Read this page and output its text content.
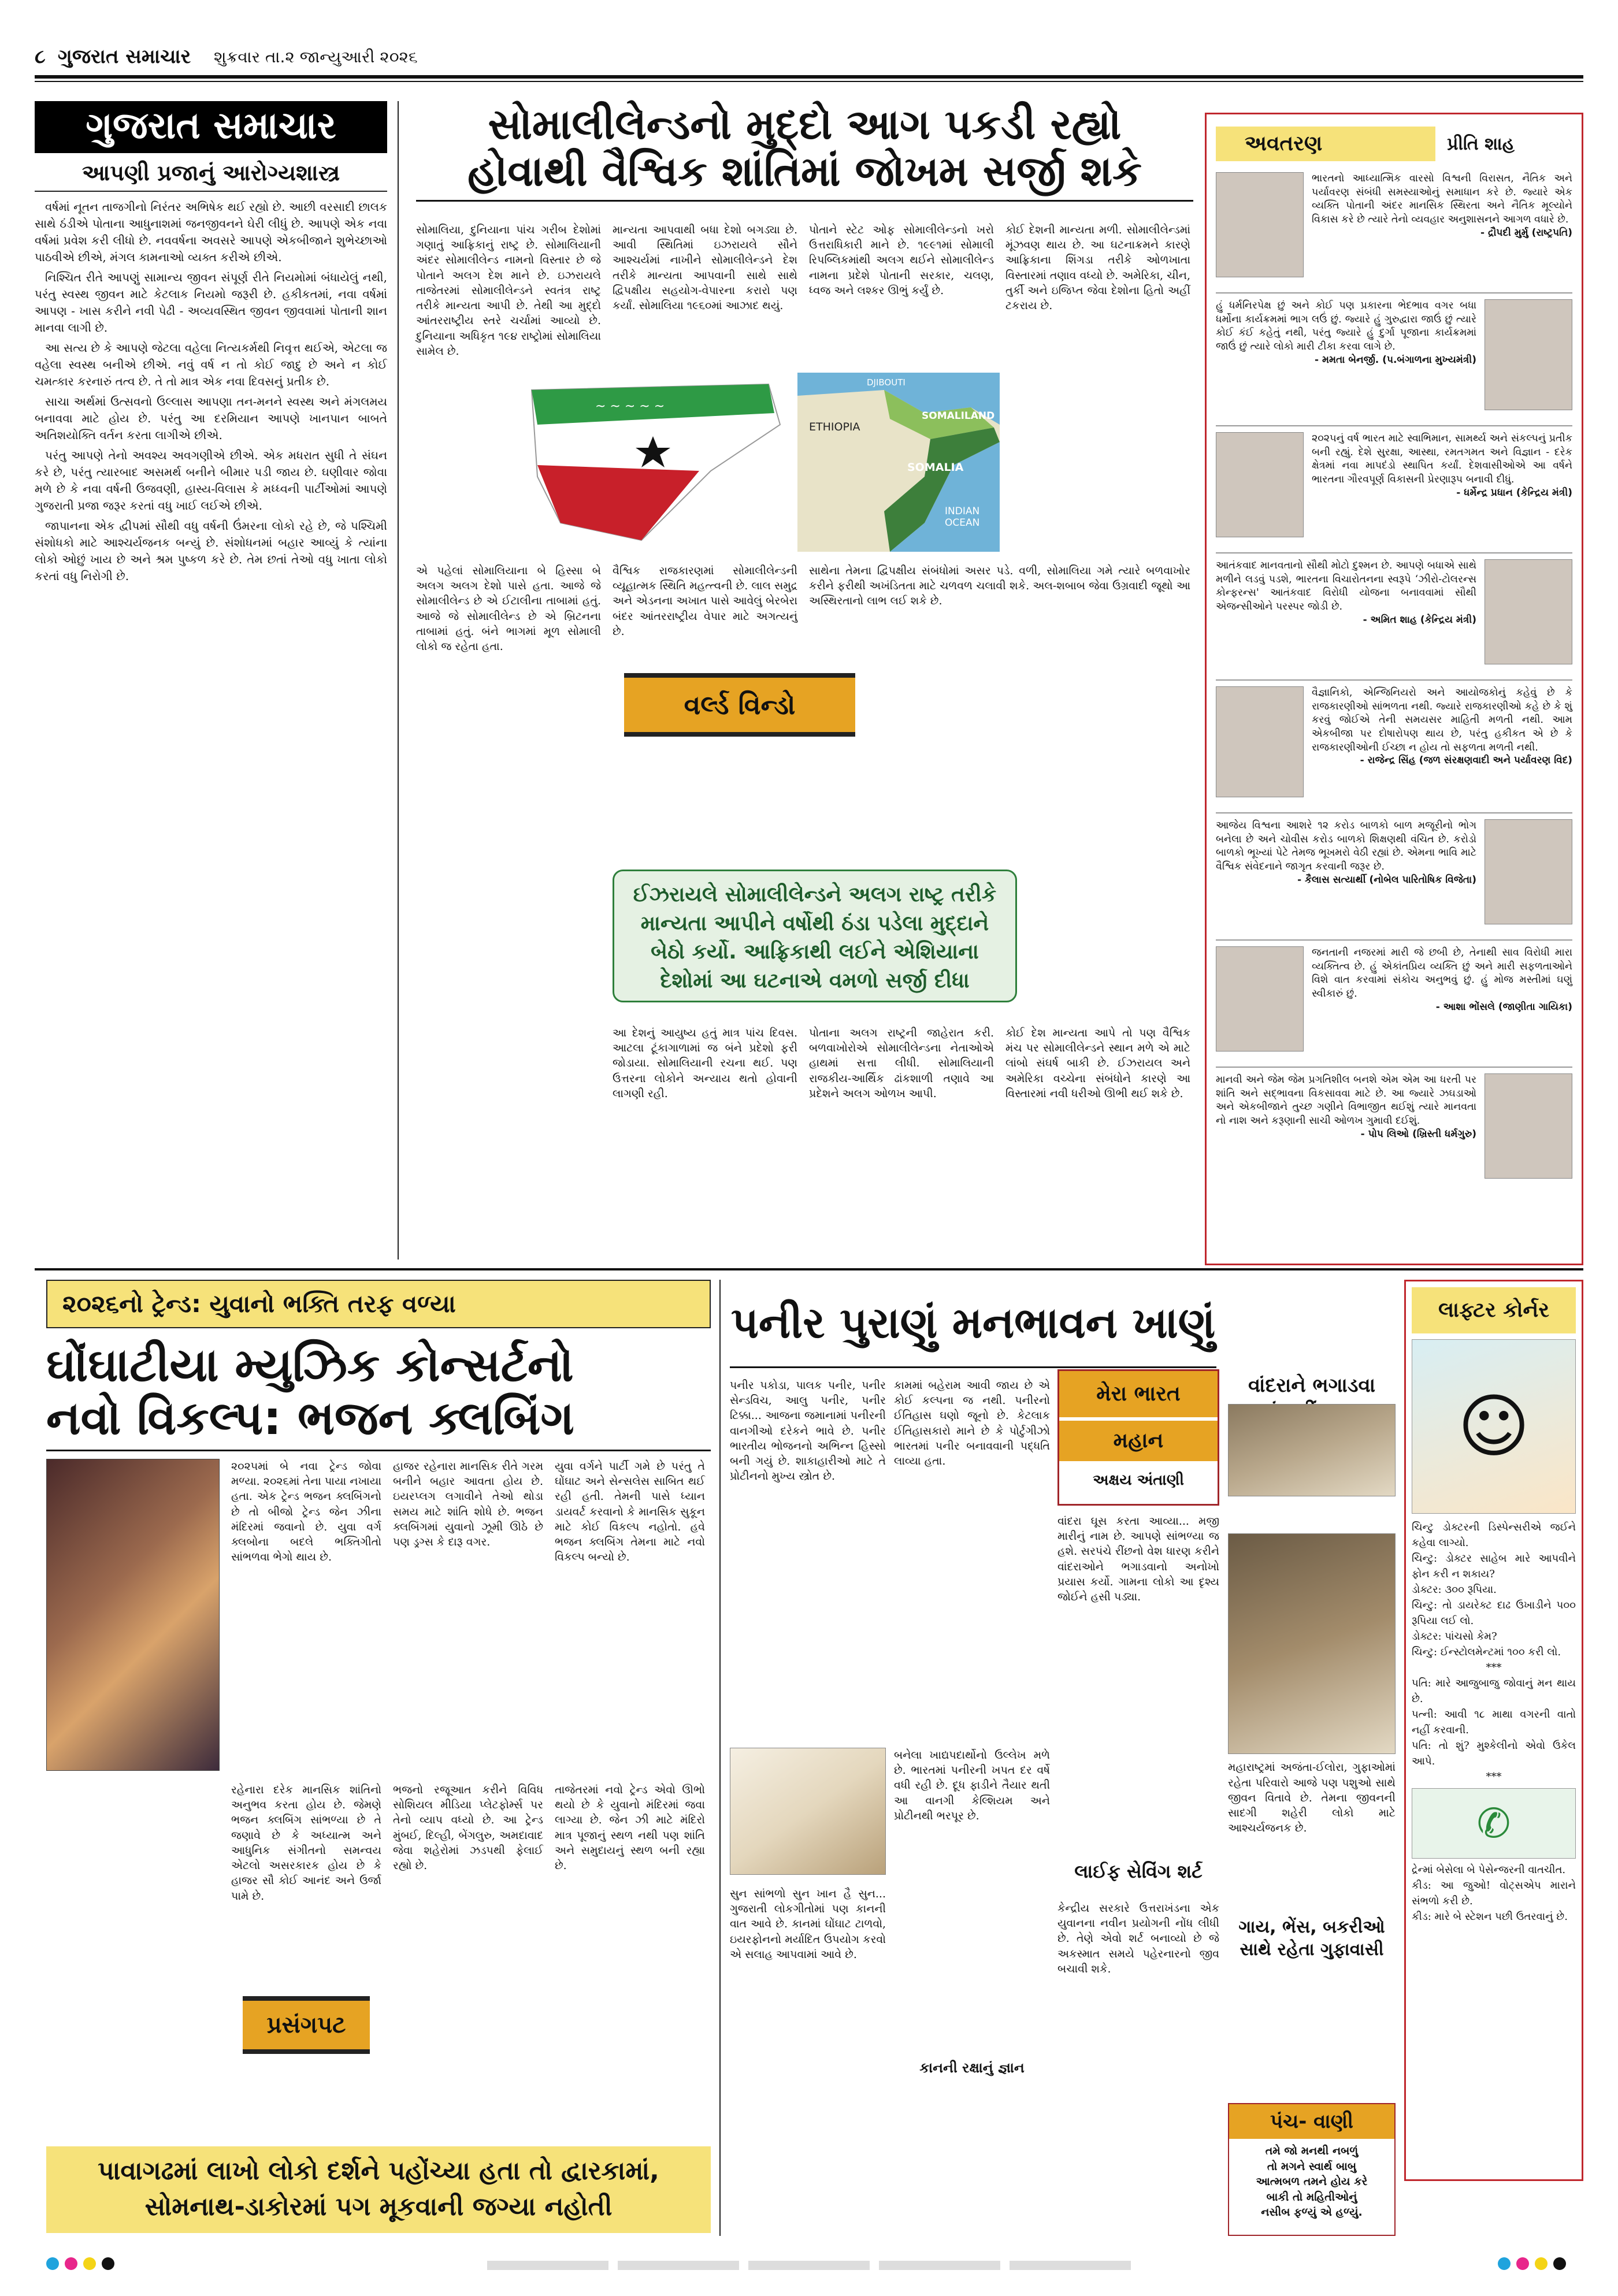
૮ ગુજરાત સમાચાર શુક્રવાર તા.૨ જાન્યુઆરી ૨૦૨૬
ગુજરાત સમાચાર
આપણી પ્રજાનું આરોગ્યશાસ્ત્ર

વર્ષમાં નૂતન તાજગીનો નિરંતર અભિષેક થઈ રહ્યો છે. આછી વરસાદી છાલક સાથે ઠંડીએ પોતાના આધુનાશમાં જનજીવનને ઘેરી લીધું છે. આપણે એક નવા વર્ષમાં પ્રવેશ કરી લીધો છે. નવવર્ષના અવસરે આપણે એકબીજાને શુભેચ્છાઓ પાઠવીએ છીએ, મંગલ કામનાઓ વ્યક્ત કરીએ છીએ.

નિશ્ચિત રીતે આપણું સામાન્ય જીવન સંપૂર્ણ રીતે નિયમોમાં બંધાયેલું નથી, પરંતુ સ્વસ્થ જીવન માટે કેટલાક નિયમો જરૂરી છે. હકીકતમાં, નવા વર્ષમાં આપણ - ખાસ કરીને નવી પેઢી - અવ્યવસ્થિત જીવન જીવવામાં પોતાની શાન માનવા લાગી છે.

આ સત્ય છે કે આપણે જેટલા વહેલા નિત્યકર્મથી નિવૃત્ત થઈએ, એટલા જ વહેલા સ્વસ્થ બનીએ છીએ. નવું વર્ષ ન તો કોઈ જાદુ છે અને ન કોઈ ચમત્કાર કરનારું તત્વ છે. તે તો માત્ર એક નવા દિવસનું પ્રતીક છે.

સાચા અર્થમાં ઉત્સવનો ઉલ્લાસ આપણા તન-મનને સ્વસ્થ અને મંગલમય બનાવવા માટે હોય છે. પરંતુ આ દરમિયાન આપણે ખાનપાન બાબતે અતિશયોક્તિ વર્તન કરતા લાગીએ છીએ.

પરંતુ આપણે તેનો અવશ્ય અવગણીએ છીએ. એક મધરાત સુધી તે સંઘન કરે છે, પરંતુ ત્યારબાદ અસમર્થ બનીને બીમાર પડી જાય છે. ઘણીવાર જોવા મળે છે કે નવા વર્ષની ઉજવણી, હાસ્ય-વિલાસ કે મધ્ધ્વની પાર્ટીઓમાં આપણે ગુજરાતી પ્રજા જરૂર કરતાં વધુ ખાઈ લઈએ છીએ.

જાપાનના એક દ્વીપમાં સૌથી વધુ વર્ષની ઉંમરના લોકો રહે છે, જે પશ્ચિમી સંશોધકો માટે આશ્ચર્યજનક બન્યું છે. સંશોધનમાં બહાર આવ્યું કે ત્યાંના લોકો ઓછું ખાય છે અને શ્રમ પુષ્કળ કરે છે. તેમ છતાં તેઓ વધુ ખાતા લોકો કરતાં વધુ નિરોગી છે.

સોમાલીલેન્ડનો મુદ્દો આગ પકડી રહ્યો
હોવાથી વૈશ્વિક શાંતિમાં જોખમ સર્જી શકે
સોમાલિયા, દુનિયાના પાંચ ગરીબ દેશોમાં ગણાતું આફ્રિકાનું રાષ્ટ્ર છે. સોમાલિયાની અંદર સોમાલીલેન્ડ નામનો વિસ્તાર છે જે પોતાને અલગ દેશ માને છે. ઇઝરાયલે તાજેતરમાં સોમાલીલેન્ડને સ્વતંત્ર રાષ્ટ્ર તરીકે માન્યતા આપી છે. તેથી આ મુદ્દો આંતરરાષ્ટ્રીય સ્તરે ચર્ચામાં આવ્યો છે. દુનિયાના અધિકૃત ૧૯૪ રાષ્ટ્રોમાં સોમાલિયા સામેલ છે.
માન્યતા આપવાથી બધા દેશો બગડ્યા છે. આવી સ્થિતિમાં ઇઝરાયલે સૌને આશ્ચર્યમાં નાખીને સોમાલીલેન્ડને દેશ તરીકે માન્યતા આપવાની સાથે સાથે દ્વિપક્ષીય સહયોગ-વેપારના કરારો પણ કર્યાં. સોમાલિયા ૧૯૬૦માં આઝાદ થયું.
પોતાને સ્ટેટ ઓફ સોમાલીલેન્ડનો ખરો ઉત્તરાધિકારી માને છે. ૧૯૯૧માં સોમાલી રિપબ્લિકમાંથી અલગ થઈને સોમાલીલેન્ડ નામના પ્રદેશે પોતાની સરકાર, ચલણ, ધ્વજ અને લશ્કર ઊભું કર્યું છે.
કોઈ દેશની માન્યતા મળી. સોમાલીલેન્ડમાં મૂંઝવણ થાય છે. આ ઘટનાક્રમને કારણે આફ્રિકાના શિંગડા તરીકે ઓળખાતા વિસ્તારમાં તણાવ વધ્યો છે. અમેરિકા, ચીન, તુર્કી અને ઇજિપ્ત જેવા દેશોના હિતો અહીં ટકરાય છે.
~ ~ ~ ~ ~
DJIBOUTI
SOMALILAND
ETHIOPIA
SOMALIA
INDIAN
OCEAN
એ પહેલાં સોમાલિયાના બે હિસ્સા બે અલગ અલગ દેશો પાસે હતા. આજે જે સોમાલીલેન્ડ છે એ ઈટાલીના તાબામાં હતું. આજે જે સોમાલીલેન્ડ છે એ બ્રિટનના તાબામાં હતું. બંને ભાગમાં મૂળ સોમાલી લોકો જ રહેતા હતા.
વૈશ્વિક રાજકારણમાં સોમાલીલેન્ડની વ્યૂહાત્મક સ્થિતિ મહત્ત્વની છે. લાલ સમુદ્ર અને એડનના અખાત પાસે આવેલું બેરબેરા બંદર આંતરરાષ્ટ્રીય વેપાર માટે અગત્યનું છે.
સાથેના તેમના દ્વિપક્ષીય સંબંધોમાં અસર પડે. વળી, સોમાલિયા ગમે ત્યારે બળવાખોર કરીને ફરીથી અખંડિતતા માટે ચળવળ ચલાવી શકે. અલ-શબાબ જેવા ઉગ્રવાદી જૂથો આ અસ્થિરતાનો લાભ લઈ શકે છે.
વર્લ્ડ વિન્ડો
ઈઝરાયલે સોમાલીલેન્ડને અલગ રાષ્ટ્ર તરીકે માન્યતા આપીને વર્ષોથી ઠંડા પડેલા મુદ્દાને બેઠો કર્યો. આફ્રિકાથી લઈને એશિયાના દેશોમાં આ ઘટનાએ વમળો સર્જી દીધા
આ દેશનું આયુષ્ય હતું માત્ર પાંચ દિવસ. આટલા ટૂંકાગાળામાં જ બંને પ્રદેશો ફરી જોડાયા. સોમાલિયાની રચના થઈ. પણ ઉત્તરના લોકોને અન્યાય થતો હોવાની લાગણી રહી.
પોતાના અલગ રાષ્ટ્રની જાહેરાત કરી. બળવાખોરોએ સોમાલીલેન્ડના નેતાઓએ હાથમાં સત્તા લીધી. સોમાલિયાની રાજકીય-આર્થિક ઢાંકશાળી તણાવે આ પ્રદેશને અલગ ઓળખ આપી.
કોઈ દેશ માન્યતા આપે તો પણ વૈશ્વિક મંચ પર સોમાલીલેન્ડને સ્થાન મળે એ માટે લાંબો સંઘર્ષ બાકી છે. ઈઝરાયલ અને અમેરિકા વચ્ચેના સંબંધોને કારણે આ વિસ્તારમાં નવી ધરીઓ ઊભી થઈ શકે છે.
અવતરણ	પ્રીતિ શાહ
ભારતનો આધ્યાત્મિક વારસો વિશ્વની વિરાસત, નૈતિક અને પર્યાવરણ સંબંધી સમસ્યાઓનું સમાધાન કરે છે. જ્યારે એક વ્યક્તિ પોતાની અંદર માનસિક સ્થિરતા અને નૈતિક મૂલ્યોને વિકાસ કરે છે ત્યારે તેનો વ્યવહાર અનુશાસનને આગળ વધારે છે.
- દ્રૌપદી મુર્મુ (રાષ્ટ્રપતિ)
હું ધર્મનિરપેક્ષ છું અને કોઈ પણ પ્રકારના ભેદભાવ વગર બધા ધર્મોના કાર્યક્રમમાં ભાગ લઉં છું. જ્યારે હું ગુરુદ્વારા જાઉં છું ત્યારે કોઈ કંઈ કહેતું નથી, પરંતુ જ્યારે હું દુર્ગા પૂજાના કાર્યક્રમમાં જાઉં છું ત્યારે લોકો મારી ટીકા કરવા લાગે છે.
- મમતા બેનર્જી. (પ.બંગાળના મુખ્યમંત્રી)
૨૦૨૫નું વર્ષ ભારત માટે સ્વાભિમાન, સામર્થ્ય અને સંકલ્પનું પ્રતીક બની રહ્યું. દેશે સુરક્ષા, આસ્થા, રમતગમત અને વિજ્ઞાન - દરેક ક્ષેત્રમાં નવા માપદંડો સ્થાપિત કર્યાં. દેશવાસીઓએ આ વર્ષને ભારતના ગૌરવપૂર્ણ વિકાસની પ્રેરણારૂપ બનાવી દીધું.
- ધર્મેન્દ્ર પ્રધાન (કેન્દ્રિય મંત્રી)
આતંકવાદ માનવતાનો સૌથી મોટો દુશ્મન છે. આપણે બધાએ સાથે મળીને લડવું પડશે, ભારતના વિચારોતનના સ્વરૂપે ‘ઝીરો-ટોલરન્સ કોન્ફરન્સ' આતંકવાદ વિરોધી યોજના બનાવવામાં સૌથી એજન્સીઓને પરસ્પર જોડી છે.
- અમિત શાહ (કેન્દ્રિય મંત્રી)
વૈજ્ઞાનિકો, એન્જિનિયરો અને આયોજકોનું કહેવું છે કે રાજકારણીઓ સાંભળતા નથી. જ્યારે રાજકારણીઓ કહે છે કે શું કરવું જોઈએ તેની સમયસર માહિતી મળતી નથી. આમ એકબીજા પર દોષારોપણ થાય છે, પરંતુ હકીકત એ છે કે રાજકારણીઓની ઈચ્છા ન હોય તો સફળતા મળતી નથી.
- રાજેન્દ્ર સિંહ (જળ સંરક્ષણવાદી અને પર્યાવરણ વિદ)
આજેય વિશ્વના આશરે ૧૨ કરોડ બાળકો બાળ મજૂરીનો ભોગ બનેલા છે અને ચોવીસ કરોડ બાળકો શિક્ષણથી વંચિત છે. કરોડો બાળકો ભૂખ્યાં પેટે તેમજ ભૂખમરો વેઠી રહ્યાં છે. એમના ભાવિ માટે વૈશ્વિક સંવેદનાને જાગૃત કરવાની જરૂર છે.
- કૈલાસ સત્યાર્થી (નોબેલ પારિતોષિક વિજેતા)
જનતાની નજરમાં મારી જે છબી છે, તેનાથી સાવ વિરોધી મારા વ્યક્તિત્વ છે. હું એકાંતપ્રિય વ્યક્તિ છું અને મારી સફળતાઓને વિશે વાત કરવામાં સંકોચ અનુભવું છું. હું મોજ મસ્તીમાં ઘણું સ્વીકારું છું.
- આશા ભોંસલે (જાણીતા ગાયિકા)
માનવી અને જેમ જેમ પ્રગતિશીલ બનશે એમ એમ આ ધરતી પર શાંતિ અને સદ્ભાવના વિકસાવવા માટે છે. આ જ્યારે ઝઘડાઓ અને એકબીજાને તુચ્છ ગણીને વિભાજીત થઈશું ત્યારે માનવતા નો નાશ અને કરૂણાની સાચી ઓળખ ગુમાવી દઈશું.
- પોપ લિઓ (ખ્રિસ્તી ધર્મગુરુ)
૨૦૨૬નો ટ્રેન્ડ: યુવાનો ભક્તિ તરફ વળ્યા
ઘોંઘાટીયા મ્યુઝિક કોન્સર્ટનો
નવો વિકલ્પ: ભજન ક્લબિંગ
૨૦૨૫માં બે નવા ટ્રેન્ડ જોવા મળ્યા. ૨૦૨૬માં તેના પાયા નખાયા હતા. એક ટ્રેન્ડ ભજન ક્લબિંગનો છે તો બીજો ટ્રેન્ડ જેન ઝીના મંદિરમાં જવાનો છે. યુવા વર્ગ ક્લબોના બદલે ભક્તિગીતો સાંભળવા ભેગો થાય છે.
હાજર રહેનારા માનસિક રીતે ગરમ બનીને બહાર આવતા હોય છે. ઇયરપ્લગ લગાવીને તેઓ થોડા સમય માટે શાંતિ શોધે છે. ભજન ક્લબિંગમાં યુવાનો ઝૂમી ઊઠે છે પણ ડ્રગ્સ કે દારૂ વગર.
યુવા વર્ગને પાર્ટી ગમે છે પરંતુ તે ઘોંઘાટ અને સેન્સલેસ સાબિત થઈ રહી હતી. તેમની પાસે ધ્યાન ડાયવર્ટ કરવાનો કે માનસિક સુકૂન માટે કોઈ વિકલ્પ નહોતો. હવે ભજન ક્લબિંગ તેમના માટે નવો વિકલ્પ બન્યો છે.
રહેનારા દરેક માનસિક શાંતિનો અનુભવ કરતા હોય છે. જેમણે ભજન ક્લબિંગ સાંભળ્યા છે તે જણાવે છે કે અધ્યાત્મ અને આધુનિક સંગીતનો સમન્વય એટલો અસરકારક હોય છે કે હાજર સૌ કોઈ આનંદ અને ઉર્જા પામે છે.
ભજનો રજૂઆત કરીને વિવિધ સોશિયલ મીડિયા પ્લેટફોર્મ્સ પર તેનો વ્યાપ વધ્યો છે. આ ટ્રેન્ડ મુંબઈ, દિલ્હી, બેંગલુરુ, અમદાવાદ જેવા શહેરોમાં ઝડપથી ફેલાઈ રહ્યો છે.
તાજેતરમાં નવો ટ્રેન્ડ એવો ઊભો થયો છે કે યુવાનો મંદિરમાં જવા લાગ્યા છે. જેન ઝી માટે મંદિરો માત્ર પૂજાનું સ્થળ નથી પણ શાંતિ અને સમુદાયનું સ્થળ બની રહ્યા છે.
પ્રસંગપટ
પાવાગઢમાં લાખો લોકો દર્શને પહોંચ્યા હતા તો દ્વારકામાં,
સોમનાથ-ડાકોરમાં પગ મૂકવાની જગ્યા નહોતી
પનીર પુરાણું મનભાવન ખાણું
પનીર પકોડા, પાલક પનીર, પનીર સેન્ડવિચ, આલુ પનીર, પનીર ટિક્કા... આજના જમાનામાં પનીરની વાનગીઓ દરેકને ભાવે છે. પનીર ભારતીય ભોજનનો અભિન્ન હિસ્સો બની ગયું છે. શાકાહારીઓ માટે તે પ્રોટીનનો મુખ્ય સ્ત્રોત છે.
કામમાં બહેરામ આવી જાય છે એ કોઈ કલ્પના જ નથી. પનીરનો ઈતિહાસ ઘણો જૂનો છે. કેટલાક ઈતિહાસકારો માને છે કે પોર્ટુગીઝો ભારતમાં પનીર બનાવવાની પદ્ધતિ લાવ્યા હતા.
બનેલા ખાદ્યપદાર્થોનો ઉલ્લેખ મળે છે. ભારતમાં પનીરની ખપત દર વર્ષે વધી રહી છે. દૂધ ફાડીને તૈયાર થતી આ વાનગી કેલ્શિયમ અને પ્રોટીનથી ભરપૂર છે.
સુન સાંભળો સુન ખાન હૈ સુન... ગુજરાતી લોકગીતોમાં પણ કાનની વાત આવે છે. કાનમાં ઘોંઘાટ ટાળવો, ઇયરફોનનો મર્યાદિત ઉપયોગ કરવો એ સલાહ આપવામાં આવે છે.
કાનની રક્ષાનું જ્ઞાન
મેરા ભારત
મહાન
અક્ષય અંતાણી
વાંદરા ઘૂસ કરતા આવ્યા... મજી મારીનું નામ છે. આપણે સાંભળ્યા જ હશે. સરપંચે રીંછનો વેશ ધારણ કરીને વાંદરાઓને ભગાડવાનો અનોખો પ્રયાસ કર્યો. ગામના લોકો આ દૃશ્ય જોઈને હસી પડ્યા.
લાઈફ સેવિંગ શર્ટ
કેન્દ્રીય સરકારે ઉત્તરાખંડના એક યુવાનના નવીન પ્રયોગની નોંધ લીધી છે. તેણે એવો શર્ટ બનાવ્યો છે જે અકસ્માત સમયે પહેરનારનો જીવ બચાવી શકે.
વાંદરાને ભગાડવા
મહારાષ્ટ્રમાં અજંતા-ઈલોરા, ગુફાઓમાં રહેતા પરિવારો આજે પણ પશુઓ સાથે જીવન વિતાવે છે. તેમના જીવનની સાદગી શહેરી લોકો માટે આશ્ચર્યજનક છે.
ગાય, ભેંસ, બકરીઓ
સાથે રહેતા ગુફાવાસી
લાફ્ટર કોર્નર
☺
ચિન્ટુ ડોક્ટરની ડિસ્પેન્સરીએ જઈને કહેવા લાગ્યો.
ચિન્ટુ: ડોક્ટર સાહેબ મારે આપવીને ફોન કરી ન શકાય?
ડોક્ટર: ૩૦૦ રૂપિયા.
ચિન્ટુ: તો ડાયરેક્ટ દાઢ ઉખાડીને પ૦૦ રૂપિયા લઈ લો.
ડોક્ટર: પાંચસો કેમ?
ચિન્ટુ: ઈન્સ્ટોલમેન્ટમાં ૧૦૦ કરી લો.
***
પતિ: મારે આજુબાજુ જોવાનું મન થાય છે.
પત્ની: આવી ૧૮ માથા વગરની વાતો નહીં કરવાની.
પતિ: તો શું? મુશ્કેલીનો એવો ઉકેલ આપે.
***
✆
દ્રેન્માં બેસેલા બે પેસેન્જરની વાતચીત.
કીડ: આ જુઓ! વોટ્સએપ મારાને સંભળો કરી છે.
કીડ: મારે બે સ્ટેશન પછી ઉતરવાનું છે.
પંચ- વાણી
તમે જો મનથી નબળું
તો મગને સ્વાર્થ બાબુ
આત્મબળ તમને હોય કરે
બાકી તો મહિતીઓનું
નસીબ ફળ્યું એ હળ્યું.
